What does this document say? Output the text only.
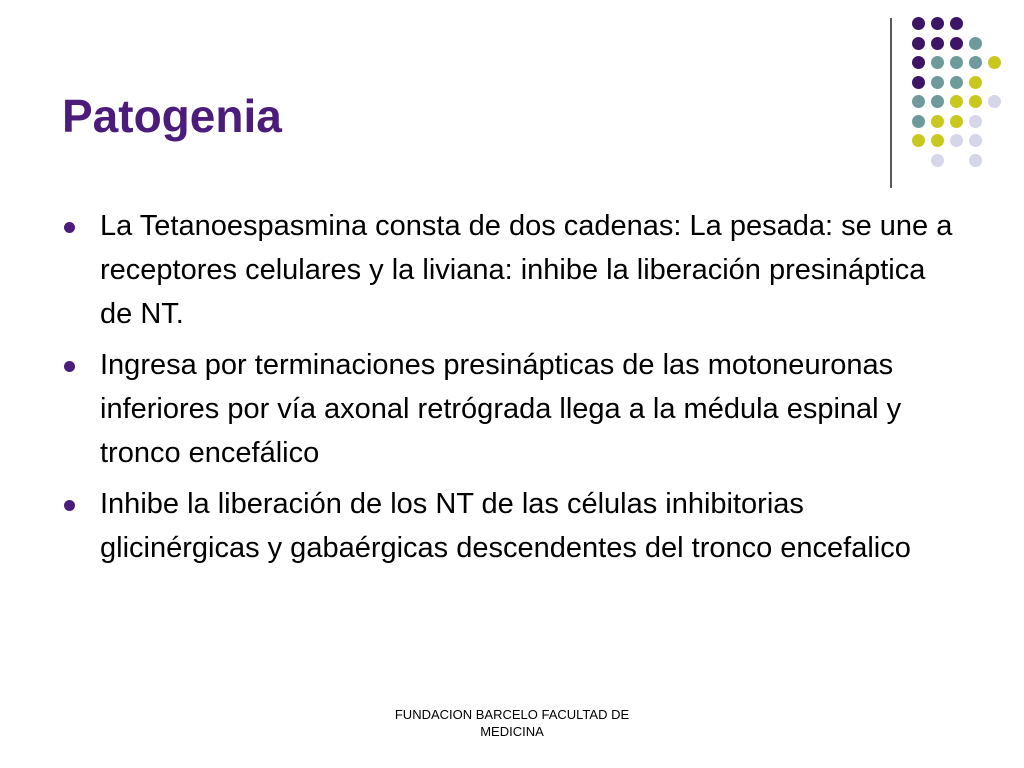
Patogenia
La Tetanoespasmina consta de dos cadenas: La pesada: se une a receptores celulares y la liviana: inhibe la liberación presináptica de NT.
Ingresa por terminaciones presinápticas de las motoneuronas inferiores por vía axonal retrógrada llega a la médula espinal y tronco encefálico
Inhibe la liberación de los NT de las células inhibitorias glicinérgicas y gabaérgicas descendentes del tronco encefalico
FUNDACION BARCELO FACULTAD DE MEDICINA
